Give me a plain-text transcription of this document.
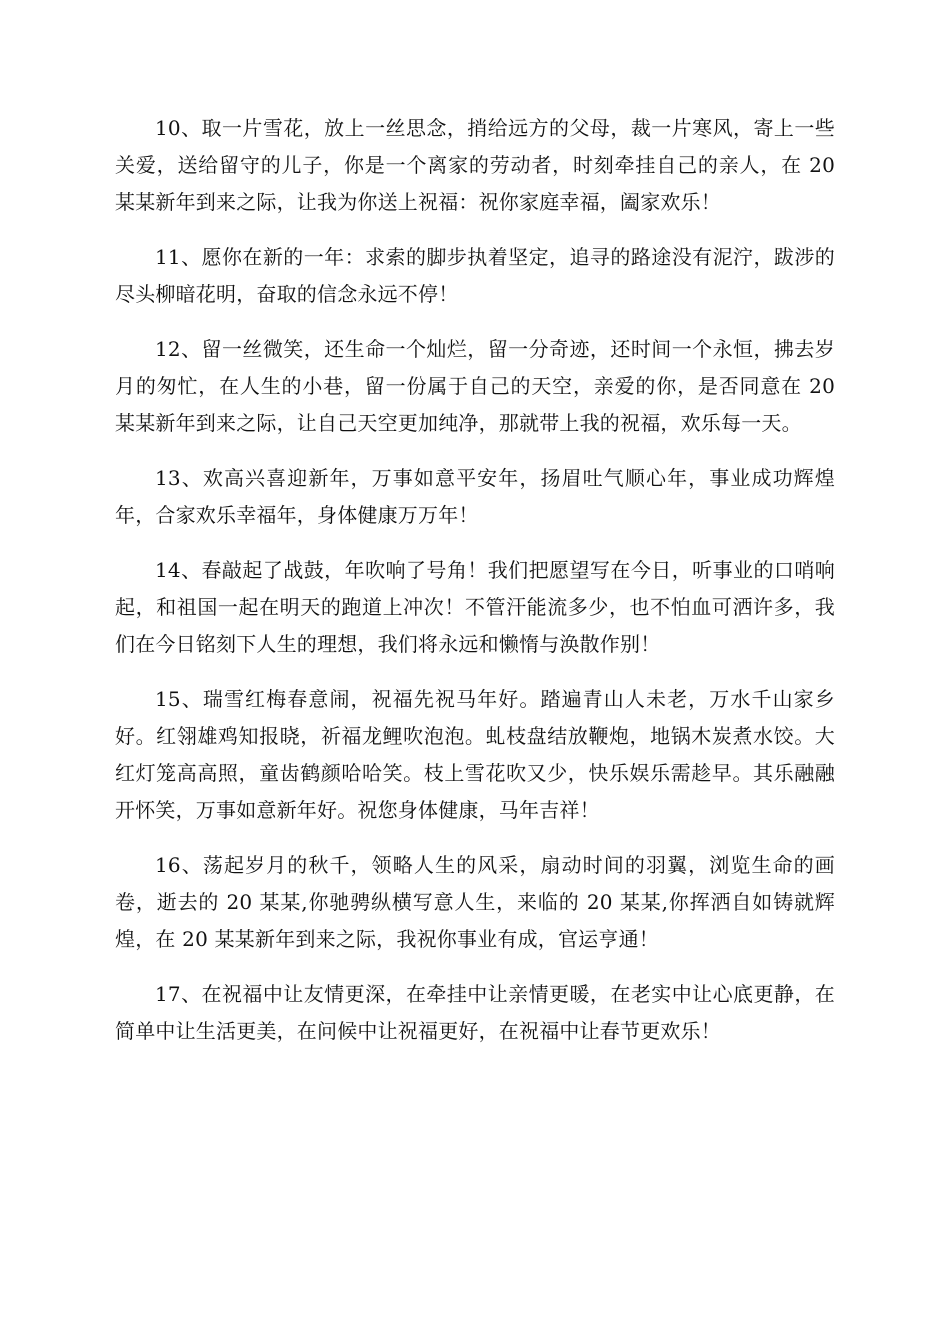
10、取一片雪花，放上一丝思念，捎给远方的父母，裁一片寒风，寄上一些关爱，送给留守的儿子，你是一个离家的劳动者，时刻牵挂自己的亲人，在 20 某某新年到来之际，让我为你送上祝福：祝你家庭幸福，阖家欢乐！

11、愿你在新的一年：求索的脚步执着坚定，追寻的路途没有泥泞，跋涉的尽头柳暗花明，奋取的信念永远不停！

12、留一丝微笑，还生命一个灿烂，留一分奇迹，还时间一个永恒，拂去岁月的匆忙，在人生的小巷，留一份属于自己的天空，亲爱的你，是否同意在 20 某某新年到来之际，让自己天空更加纯净，那就带上我的祝福，欢乐每一天。

13、欢高兴喜迎新年，万事如意平安年，扬眉吐气顺心年，事业成功辉煌年，合家欢乐幸福年，身体健康万万年！

14、春敲起了战鼓，年吹响了号角！我们把愿望写在今日，听事业的口哨响起，和祖国一起在明天的跑道上冲次！不管汗能流多少，也不怕血可洒许多，我们在今日铭刻下人生的理想，我们将永远和懒惰与涣散作别！

15、瑞雪红梅春意闹，祝福先祝马年好。踏遍青山人未老，万水千山家乡好。红翎雄鸡知报晓，祈福龙鲤吹泡泡。虬枝盘结放鞭炮，地锅木炭煮水饺。大红灯笼高高照，童齿鹤颜哈哈笑。枝上雪花吹又少，快乐娱乐需趁早。其乐融融开怀笑，万事如意新年好。祝您身体健康，马年吉祥！

16、荡起岁月的秋千，领略人生的风采，扇动时间的羽翼，浏览生命的画卷，逝去的 20 某某,你驰骋纵横写意人生，来临的 20 某某,你挥洒自如铸就辉煌，在 20 某某新年到来之际，我祝你事业有成，官运亨通！

17、在祝福中让友情更深，在牵挂中让亲情更暖，在老实中让心底更静，在简单中让生活更美，在问候中让祝福更好，在祝福中让春节更欢乐！
